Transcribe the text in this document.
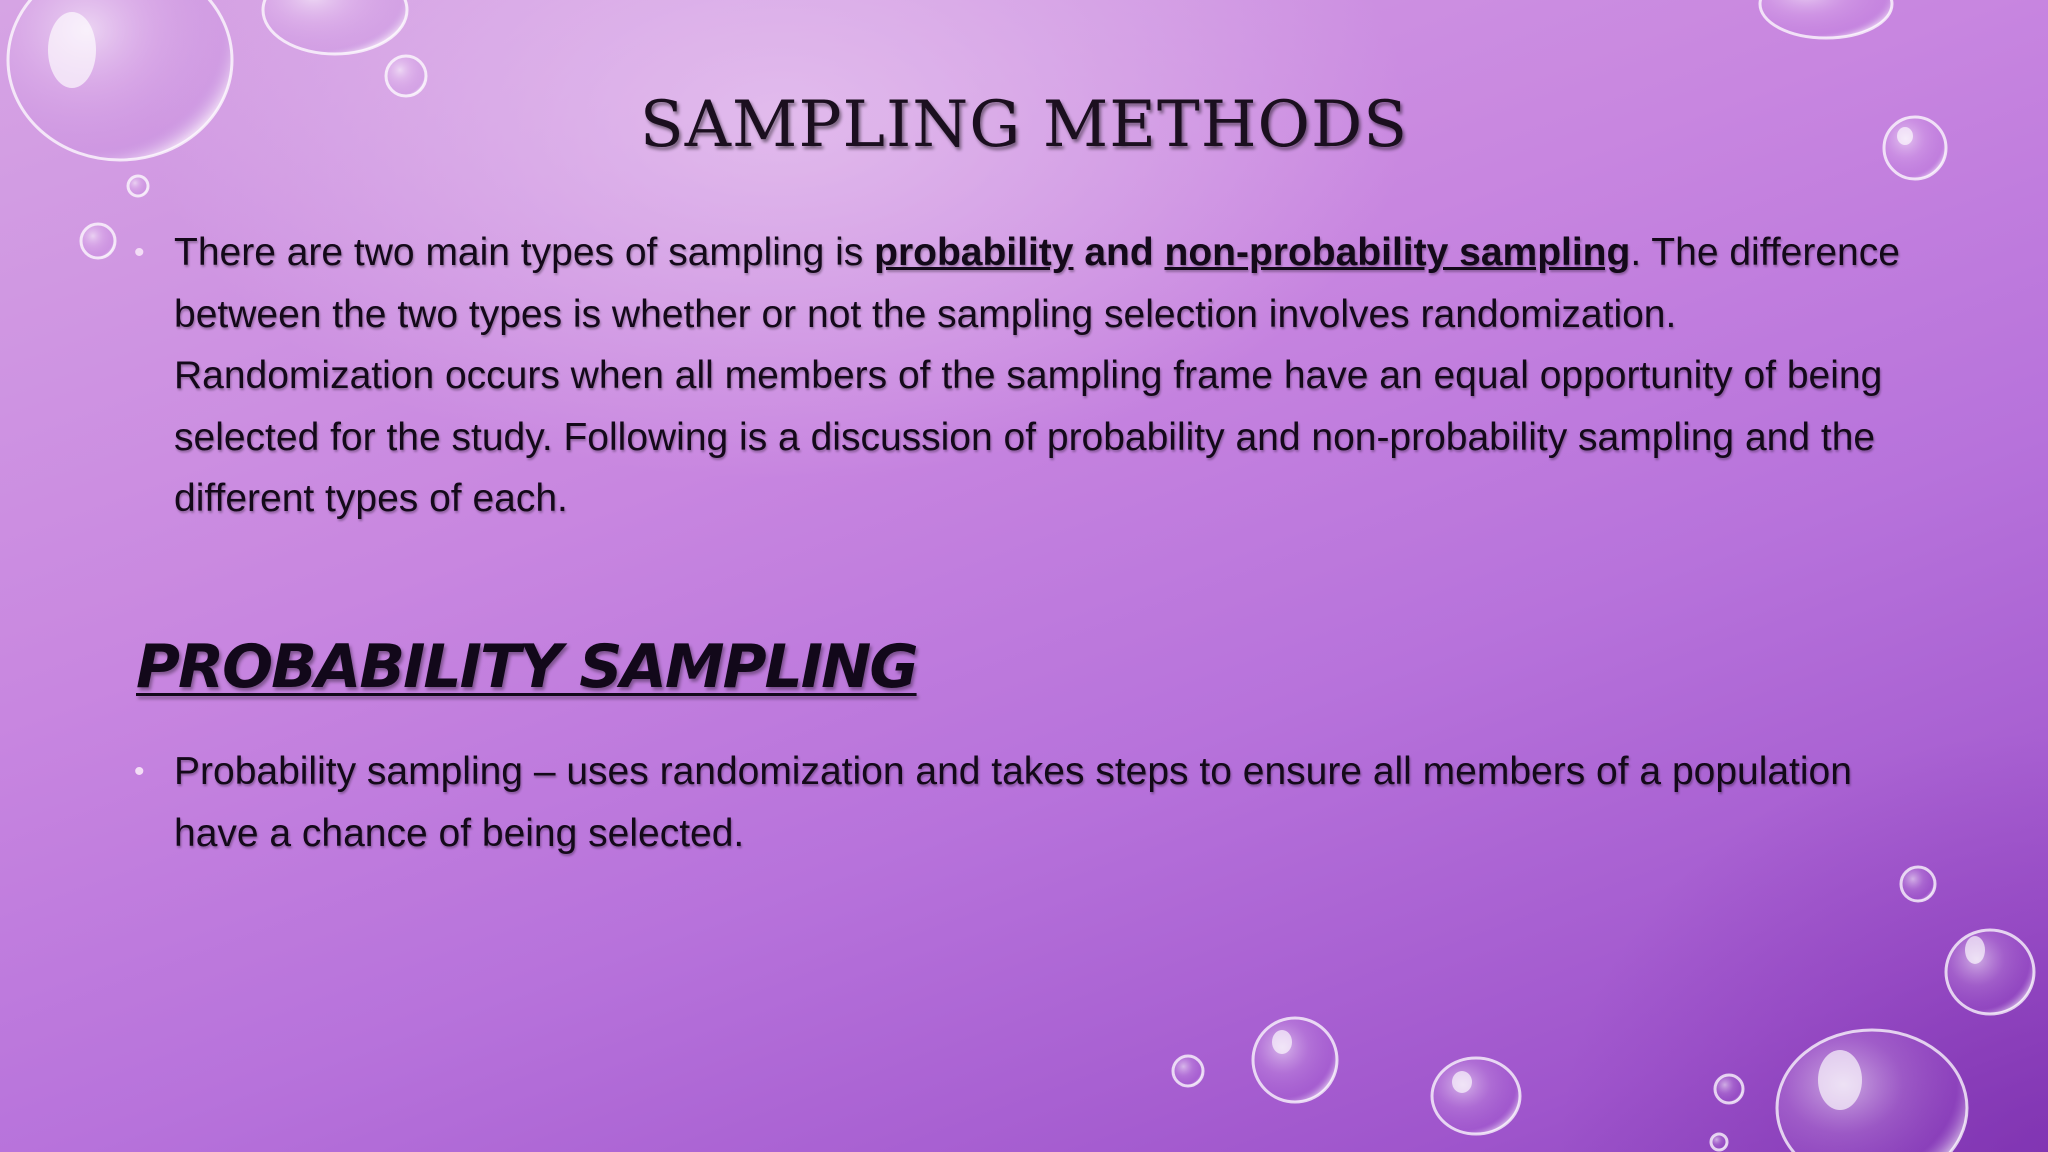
SAMPLING METHODS

• There are two main types of sampling is probability and non-probability sampling. The difference between the two types is whether or not the sampling selection involves randomization. Randomization occurs when all members of the sampling frame have an equal opportunity of being selected for the study. Following is a discussion of probability and non-probability sampling and the different types of each.

PROBABILITY SAMPLING

• Probability sampling – uses randomization and takes steps to ensure all members of a population have a chance of being selected.
